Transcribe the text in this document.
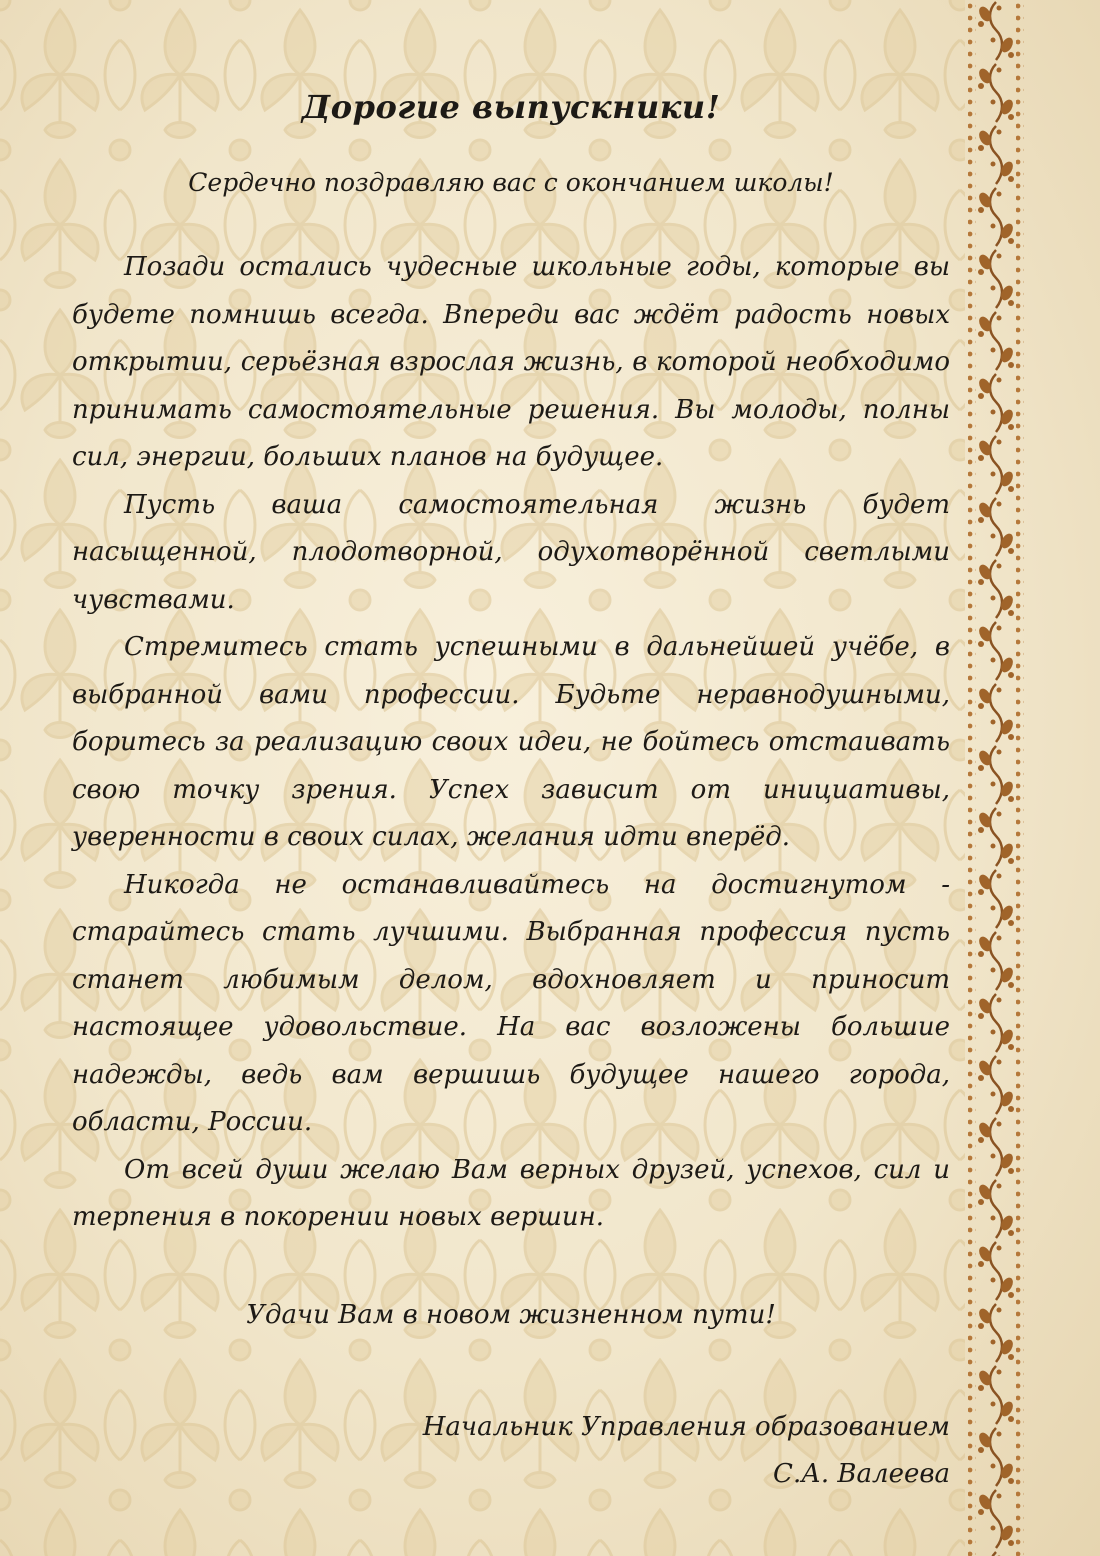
Дорогие выпускники!

Сердечно поздравляю вас с окончанием школы!

Позади остались чудесные школьные годы, которые вы будете помнишь всегда. Впереди вас ждёт радость новых открытии, серьёзная взрослая жизнь, в которой необходимо принимать самостоятельные решения. Вы молоды, полны сил, энергии, больших планов на будущее.

Пусть ваша самостоятельная жизнь будет насыщенной, плодотворной, одухотворённой светлыми чувствами.

Стремитесь стать успешными в дальнейшей учёбе, в выбранной вами профессии. Будьте неравнодушными, боритесь за реализацию своих идеи, не бойтесь отстаивать свою точку зрения. Успех зависит от инициативы, уверенности в своих силах, желания идти вперёд.

Никогда не останавливайтесь на достигнутом - старайтесь стать лучшими. Выбранная профессия пусть станет любимым делом, вдохновляет и приносит настоящее удовольствие. На вас возложены большие надежды, ведь вам вершишь будущее нашего города, области, России.

От всей души желаю Вам верных друзей, успехов, сил и терпения в покорении новых вершин.

Удачи Вам в новом жизненном пути!

Начальник Управления образованием
С.А. Валеева
